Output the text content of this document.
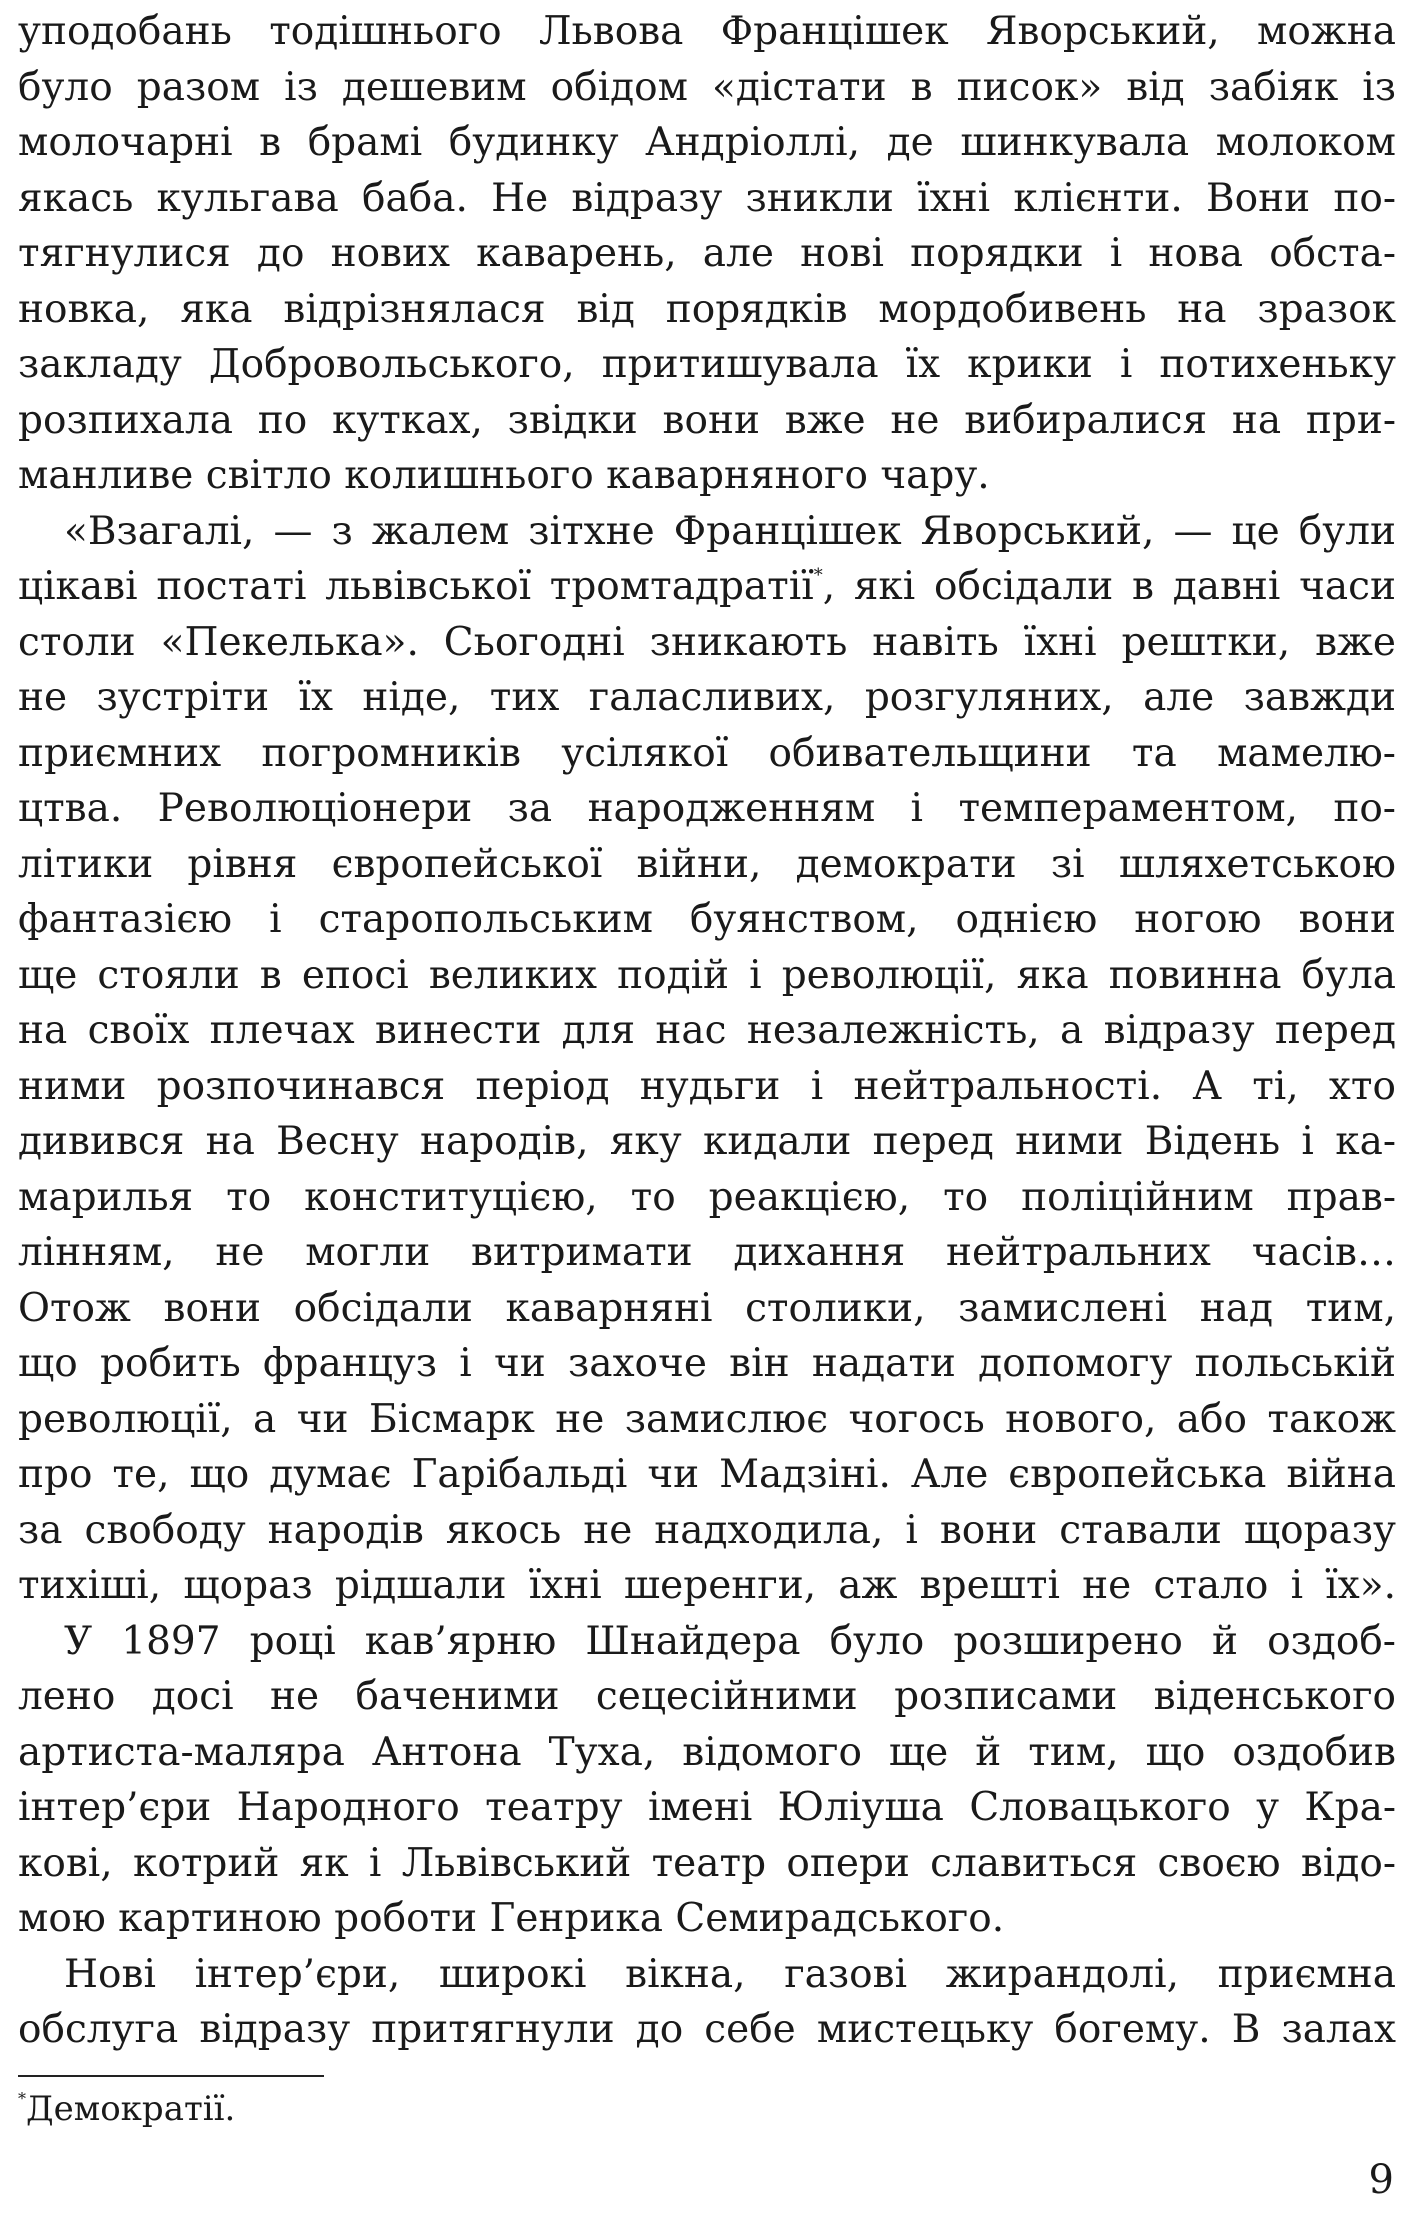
уподобань тодішнього Львова Францішек Яворський, можна
було разом із дешевим обідом «дістати в писок» від забіяк із
молочарні в брамі будинку Андріоллі, де шинкувала молоком
якась кульгава баба. Не відразу зникли їхні клієнти. Вони по-
тягнулися до нових каварень, але нові порядки і нова обста-
новка, яка відрізнялася від порядків мордобивень на зразок
закладу Добровольського, притишувала їх крики і потихеньку
розпихала по кутках, звідки вони вже не вибиралися на при-
манливе світло колишнього каварняного чару.
«Взагалі, — з жалем зітхне Францішек Яворський, — це були
цікаві постаті львівської тромтадратії*, які обсідали в давні часи
столи «Пекелька». Сьогодні зникають навіть їхні рештки, вже
не зустріти їх ніде, тих галасливих, розгуляних, але завжди
приємних погромників усілякої обивательщини та мамелю-
цтва. Революціонери за народженням і темпераментом, по-
літики рівня європейської війни, демократи зі шляхетською
фантазією і старопольським буянством, однією ногою вони
ще стояли в епосі великих подій і революції, яка повинна була
на своїх плечах винести для нас незалежність, а відразу перед
ними розпочинався період нудьги і нейтральності. А ті, хто
дивився на Весну народів, яку кидали перед ними Відень і ка-
марилья то конституцією, то реакцією, то поліційним прав-
лінням, не могли витримати дихання нейтральних часів…
Отож вони обсідали каварняні столики, замислені над тим,
що робить француз і чи захоче він надати допомогу польській
революції, а чи Бісмарк не замислює чогось нового, або також
про те, що думає Гарібальді чи Мадзіні. Але європейська війна
за свободу народів якось не надходила, і вони ставали щоразу
тихіші, щораз рідшали їхні шеренги, аж врешті не стало і їх».
У 1897 році кав’ярню Шнайдера було розширено й оздоб-
лено досі не баченими сецесійними розписами віденського
артиста-маляра Антона Туха, відомого ще й тим, що оздобив
інтер’єри Народного театру імені Юліуша Словацького у Кра-
кові, котрий як і Львівський театр опери славиться своєю відо-
мою картиною роботи Генрика Семирадського.
Нові інтер’єри, широкі вікна, газові жирандолі, приємна
обслуга відразу притягнули до себе мистецьку богему. В залах
*Демократії.
9
